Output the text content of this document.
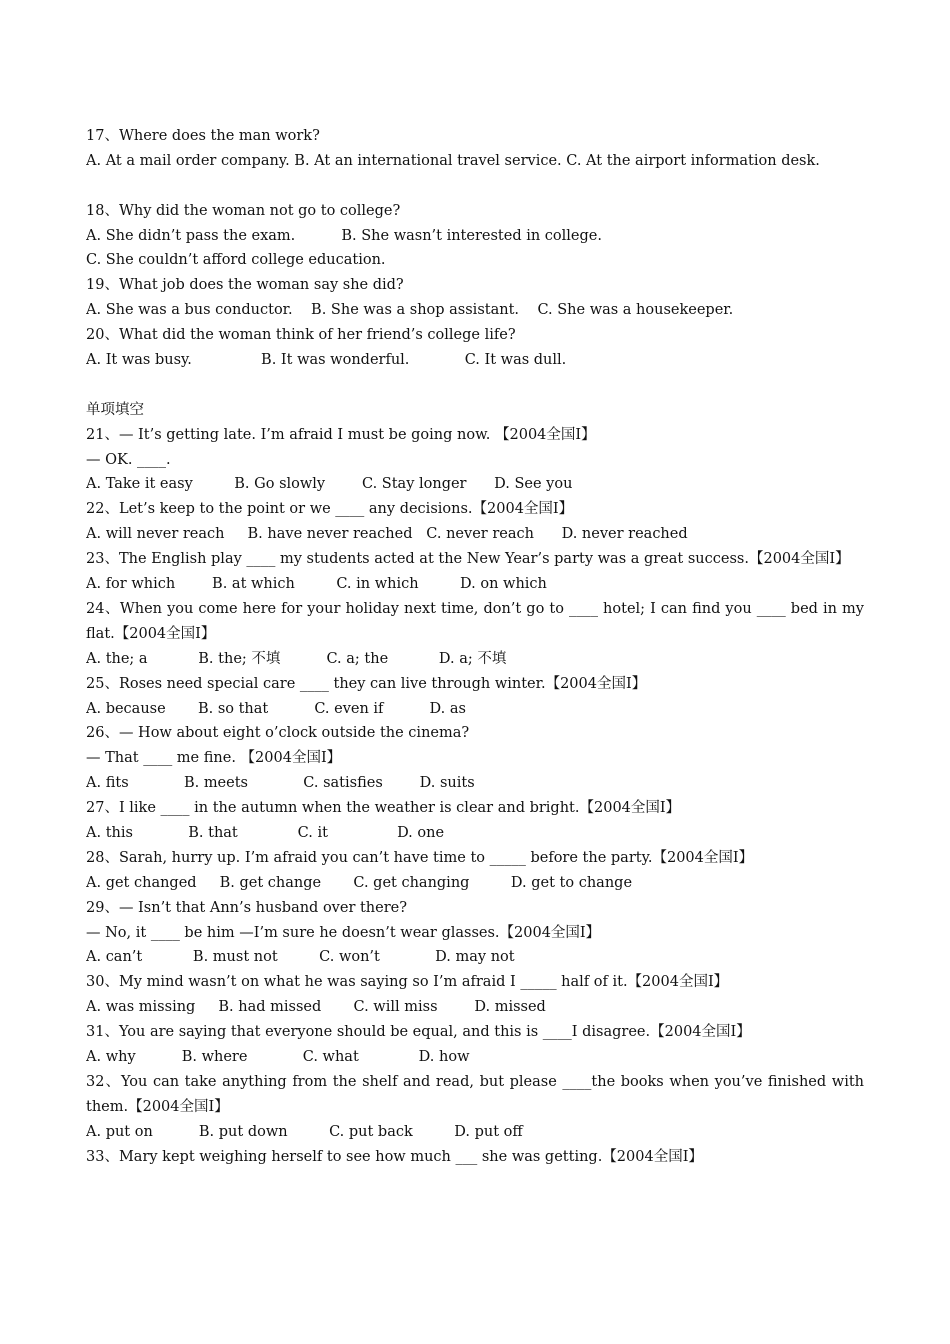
17、Where does the man work?
A. At a mail order company. B. At an international travel service. C. At the airport information desk.
18、Why did the woman not go to college?
A. She didn’t pass the exam.          B. She wasn’t interested in college.
C. She couldn’t afford college education.
19、What job does the woman say she did?
A. She was a bus conductor.    B. She was a shop assistant.    C. She was a housekeeper.
20、What did the woman think of her friend’s college life?
A. It was busy.               B. It was wonderful.            C. It was dull.
单项填空
21、— It’s getting late. I’m afraid I must be going now. 【2004全国I】
— OK. ____.
A. Take it easy         B. Go slowly        C. Stay longer      D. See you
22、Let’s keep to the point or we ____ any decisions.【2004全国I】
A. will never reach     B. have never reached   C. never reach      D. never reached
23、The English play ____ my students acted at the New Year’s party was a great success.【2004全国I】
A. for which        B. at which         C. in which         D. on which
24、When you come here for your holiday next time, don’t go to ____ hotel; I can find you ____ bed in my flat.【2004全国I】
A. the; a           B. the; 不填          C. a; the           D. a; 不填
25、Roses need special care ____ they can live through winter.【2004全国I】
A. because       B. so that          C. even if          D. as
26、— How about eight o’clock outside the cinema?
— That ____ me fine. 【2004全国I】
A. fits            B. meets            C. satisfies        D. suits
27、I like ____ in the autumn when the weather is clear and bright.【2004全国I】
A. this            B. that             C. it               D. one
28、Sarah, hurry up. I’m afraid you can’t have time to _____ before the party.【2004全国I】
A. get changed     B. get change       C. get changing         D. get to change
29、— Isn’t that Ann’s husband over there?
— No, it ____ be him —I’m sure he doesn’t wear glasses.【2004全国I】
A. can’t           B. must not         C. won’t            D. may not
30、My mind wasn’t on what he was saying so I’m afraid I _____ half of it.【2004全国I】
A. was missing     B. had missed       C. will miss        D. missed
31、You are saying that everyone should be equal, and this is ____I disagree.【2004全国I】
A. why          B. where            C. what             D. how
32、You can take anything from the shelf and read, but please ____the books when you’ve finished with them.【2004全国I】
A. put on          B. put down         C. put back         D. put off
33、Mary kept weighing herself to see how much ___ she was getting.【2004全国I】
